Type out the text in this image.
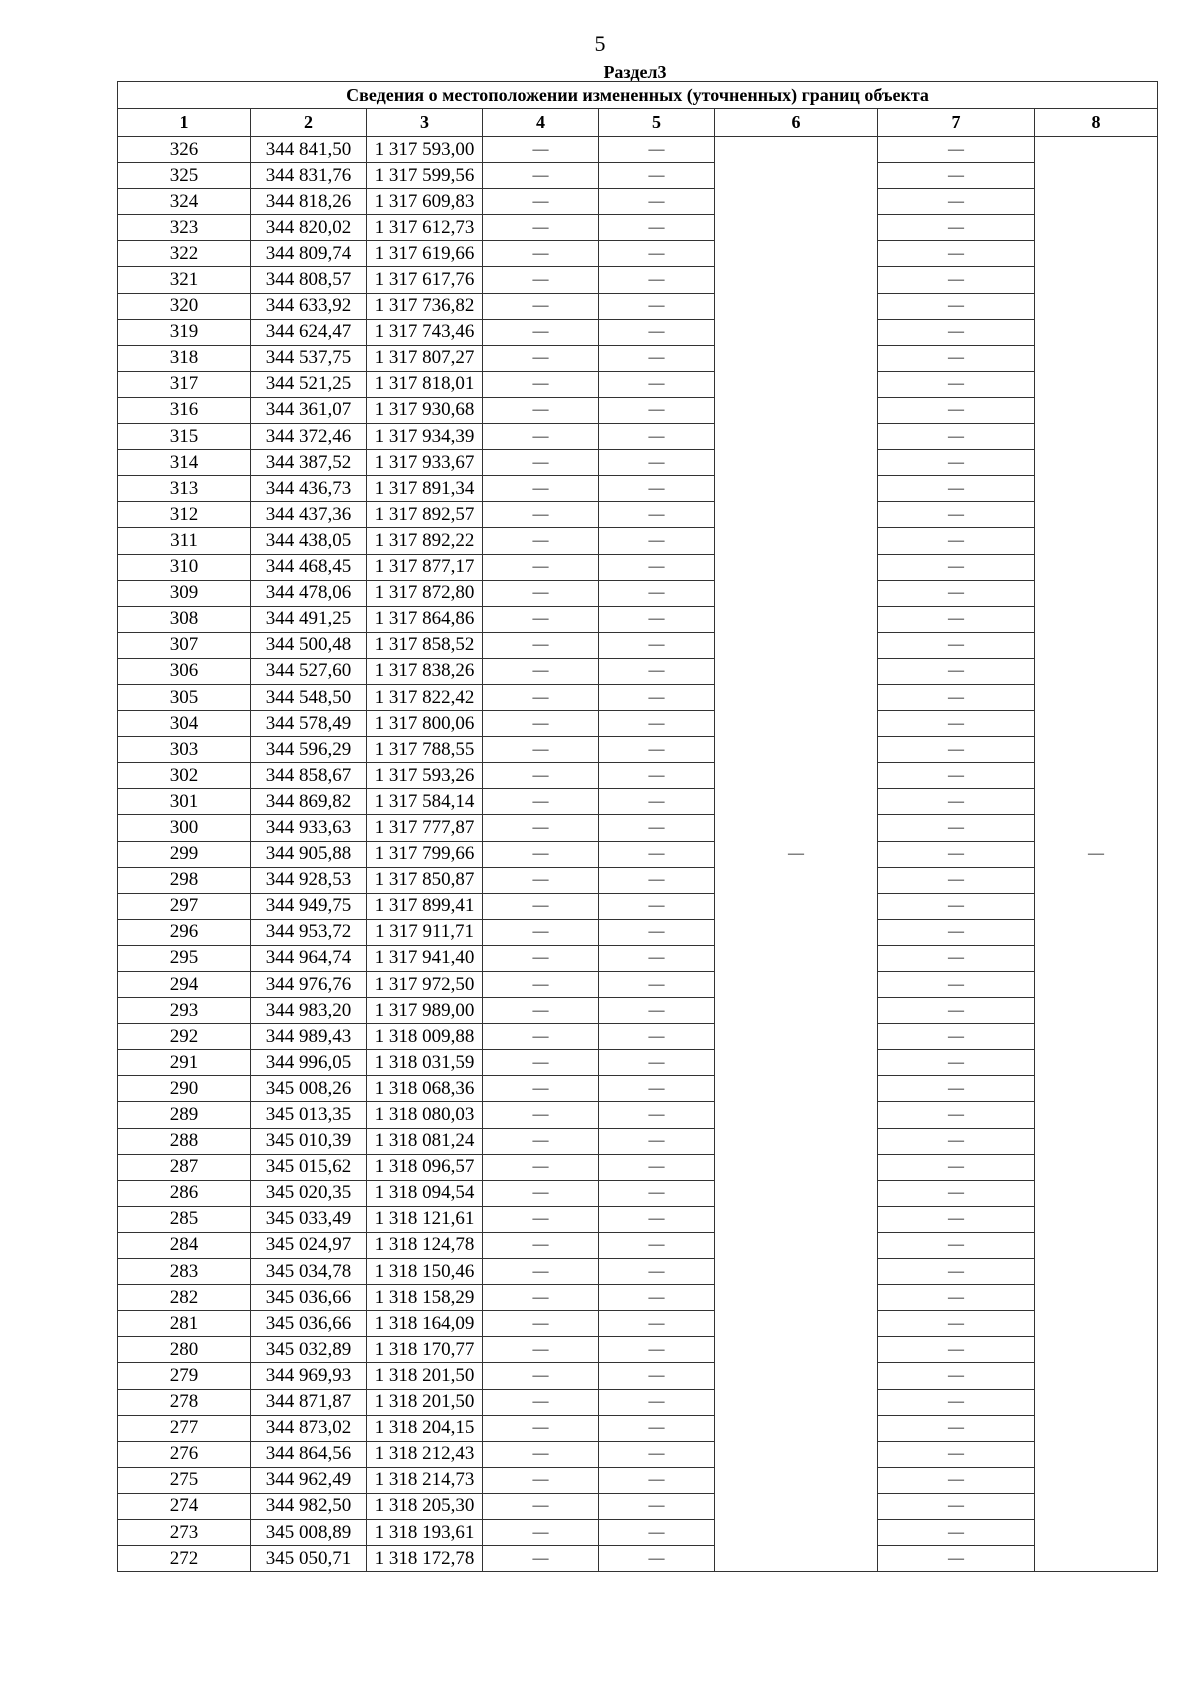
5
Раздел3
Сведения о местоположении измененных (уточненных) границ объекта							
1	2	3	4	5	6	7	8
326	344 841,50	1 317 593,00	—	—	—	—	—
325	344 831,76	1 317 599,56	—	—		—	
324	344 818,26	1 317 609,83	—	—		—	
323	344 820,02	1 317 612,73	—	—		—	
322	344 809,74	1 317 619,66	—	—		—	
321	344 808,57	1 317 617,76	—	—		—	
320	344 633,92	1 317 736,82	—	—		—	
319	344 624,47	1 317 743,46	—	—		—	
318	344 537,75	1 317 807,27	—	—		—	
317	344 521,25	1 317 818,01	—	—		—	
316	344 361,07	1 317 930,68	—	—		—	
315	344 372,46	1 317 934,39	—	—		—	
314	344 387,52	1 317 933,67	—	—		—	
313	344 436,73	1 317 891,34	—	—		—	
312	344 437,36	1 317 892,57	—	—		—	
311	344 438,05	1 317 892,22	—	—		—	
310	344 468,45	1 317 877,17	—	—		—	
309	344 478,06	1 317 872,80	—	—		—	
308	344 491,25	1 317 864,86	—	—		—	
307	344 500,48	1 317 858,52	—	—		—	
306	344 527,60	1 317 838,26	—	—		—	
305	344 548,50	1 317 822,42	—	—		—	
304	344 578,49	1 317 800,06	—	—		—	
303	344 596,29	1 317 788,55	—	—		—	
302	344 858,67	1 317 593,26	—	—		—	
301	344 869,82	1 317 584,14	—	—		—	
300	344 933,63	1 317 777,87	—	—		—	
299	344 905,88	1 317 799,66	—	—		—	
298	344 928,53	1 317 850,87	—	—		—	
297	344 949,75	1 317 899,41	—	—		—	
296	344 953,72	1 317 911,71	—	—		—	
295	344 964,74	1 317 941,40	—	—		—	
294	344 976,76	1 317 972,50	—	—		—	
293	344 983,20	1 317 989,00	—	—		—	
292	344 989,43	1 318 009,88	—	—		—	
291	344 996,05	1 318 031,59	—	—		—	
290	345 008,26	1 318 068,36	—	—		—	
289	345 013,35	1 318 080,03	—	—		—	
288	345 010,39	1 318 081,24	—	—		—	
287	345 015,62	1 318 096,57	—	—		—	
286	345 020,35	1 318 094,54	—	—		—	
285	345 033,49	1 318 121,61	—	—		—	
284	345 024,97	1 318 124,78	—	—		—	
283	345 034,78	1 318 150,46	—	—		—	
282	345 036,66	1 318 158,29	—	—		—	
281	345 036,66	1 318 164,09	—	—		—	
280	345 032,89	1 318 170,77	—	—		—	
279	344 969,93	1 318 201,50	—	—		—	
278	344 871,87	1 318 201,50	—	—		—	
277	344 873,02	1 318 204,15	—	—		—	
276	344 864,56	1 318 212,43	—	—		—	
275	344 962,49	1 318 214,73	—	—		—	
274	344 982,50	1 318 205,30	—	—		—	
273	345 008,89	1 318 193,61	—	—		—	
272	345 050,71	1 318 172,78	—	—		—	
